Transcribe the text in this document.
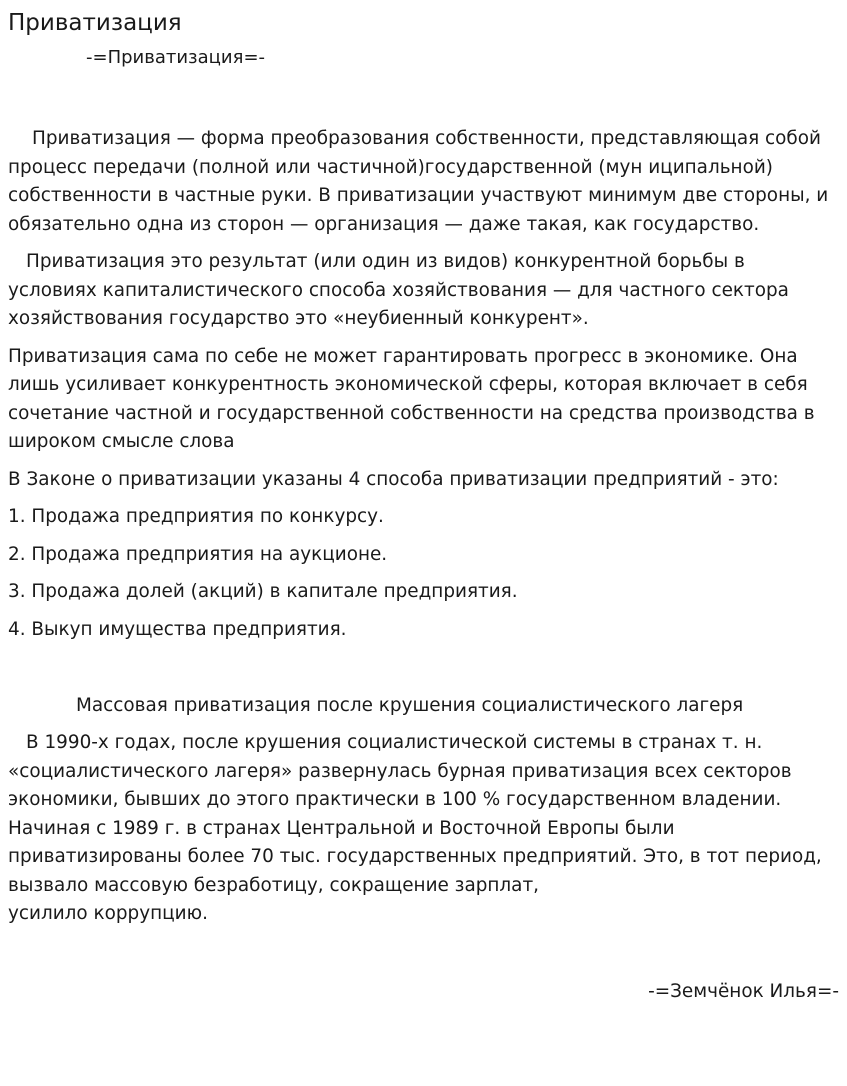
Приватизация
-=Приватизация=-

Приватизация — форма преобразования собственности, представляющая собой процесс передачи (полной или частичной)государственной (мун иципальной) собственности в частные руки. В приватизации участвуют минимум две стороны, и обязательно одна из сторон — организация — даже такая, как государство.

Приватизация это результат (или один из видов) конкурентной борьбы в условиях капиталистического способа хозяйствования — для частного сектора хозяйствования государство это «неубиенный конкурент».

Приватизация сама по себе не может гарантировать прогресс в экономике. Она лишь усиливает конкурентность экономической сферы, которая включает в себя сочетание частной и государственной собственности на средства производства в широком смысле слова

В Законе о приватизации указаны 4 способа приватизации предприятий - это:

1. Продажа предприятия по конкурсу.

2. Продажа предприятия на аукционе.

3. Продажа долей (акций) в капитале предприятия.

4. Выкуп имущества предприятия.

Массовая приватизация после крушения социалистического лагеря

В 1990-х годах, после крушения социалистической системы в странах т. н. «социалистического лагеря» развернулась бурная приватизация всех секторов экономики, бывших до этого практически в 100 % государственном владении. Начиная с 1989 г. в странах Центральной и Восточной Европы были приватизированы более 70 тыс. государственных предприятий. Это, в тот период, вызвало массовую безработицу, сокращение зарплат,
усилило коррупцию.

-=Земчёнок Илья=-
